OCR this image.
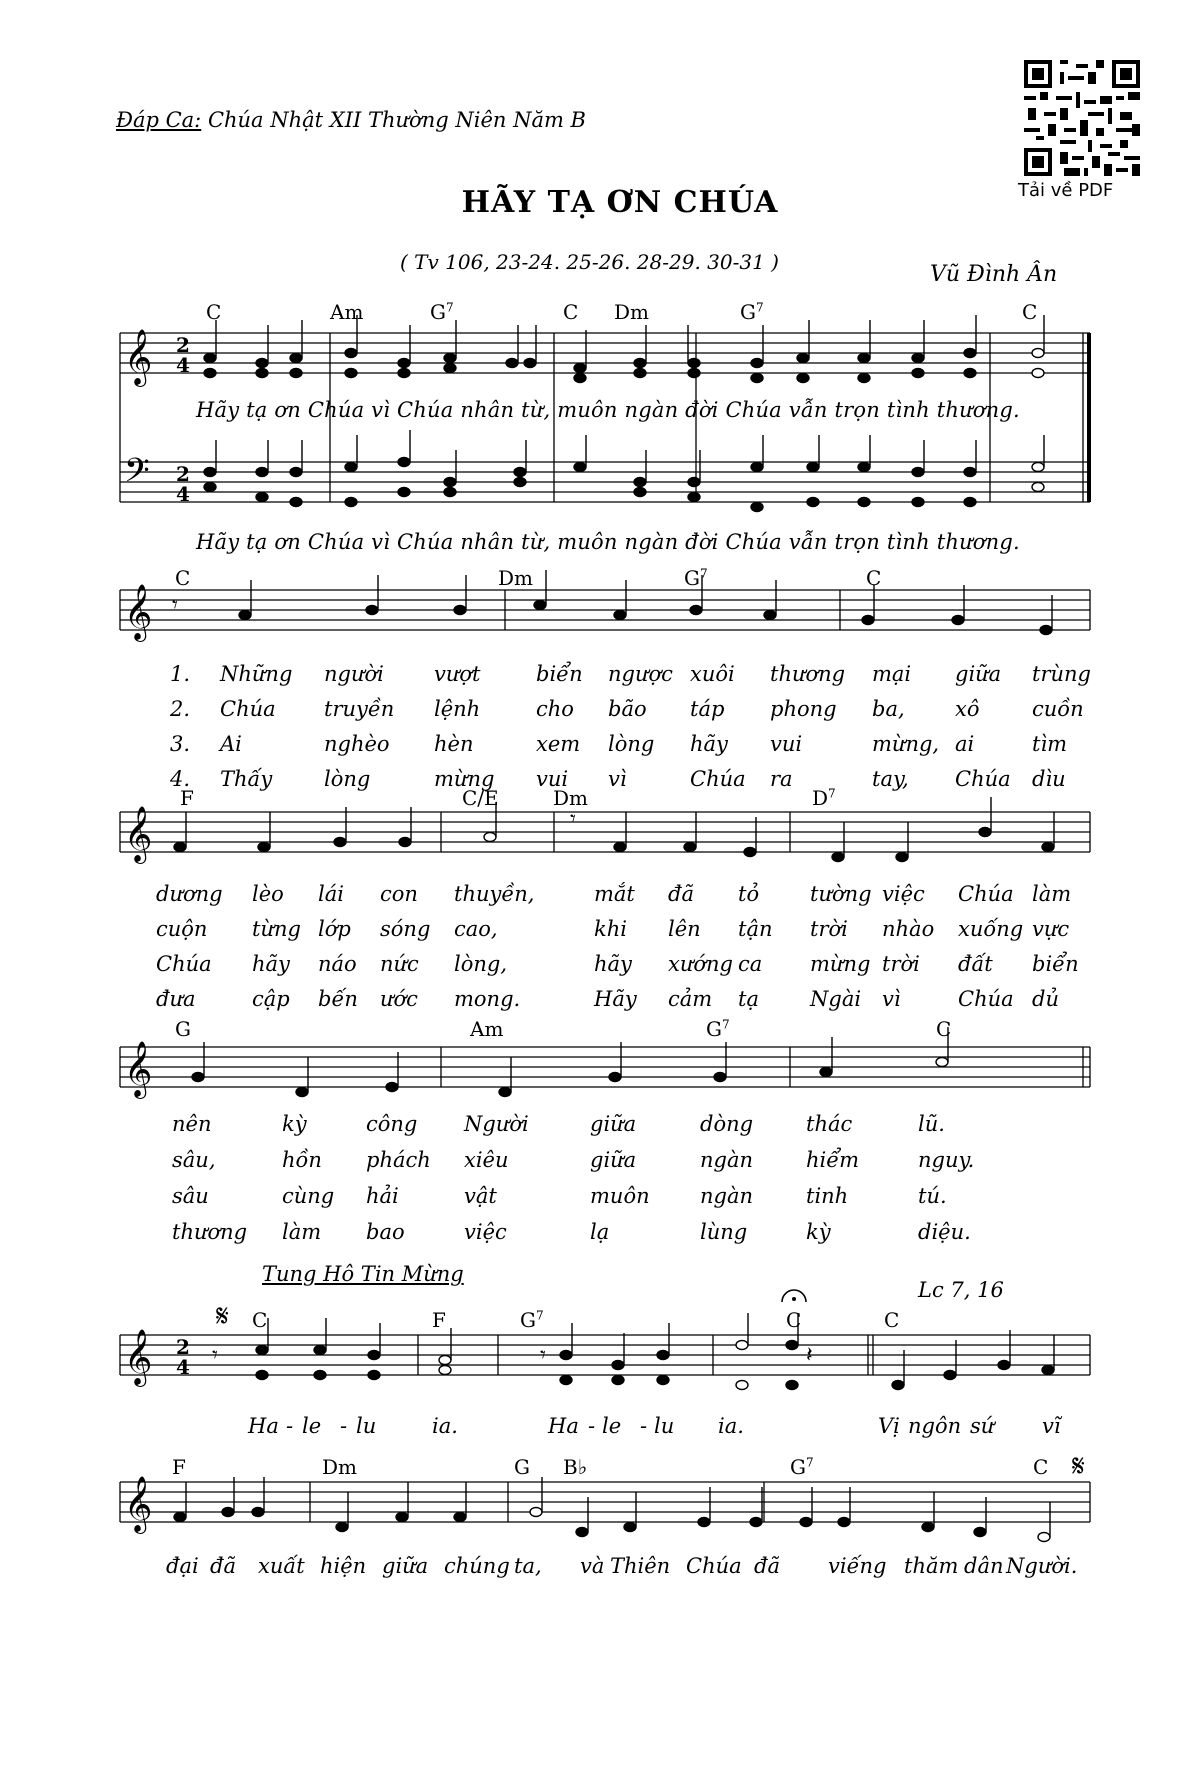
Đáp Ca: Chúa Nhật XII Thường Niên Năm B
HÃY TẠ ƠN CHÚA
( Tv 106, 23-24. 25-26. 28-29. 30-31 )	Vũ Đình Ân
Tải về PDF
𝄞
𝄢
𝄞
𝄞
𝄞
𝄞
𝄞
2
4
2
4
2
4
𝄋
𝄋
𝄾
𝄾
𝄾	𝄾	𝄽
C	Am	$G^7$	C Dm	$G^7$	C
Hãy tạ ơn Chúa vì Chúa nhân từ, muôn ngàn đời Chúa vẫn trọn tình thương.
Hãy tạ ơn Chúa vì Chúa nhân từ, muôn ngàn đời Chúa vẫn trọn tình thương.
C	Dm	$G^7$	C
1. Những người vượt	biển ngược xuôi thương mại giữa trùng
2. Chúa truyền lệnh	cho bão táp phong ba, xô	cuồn
3. Ai	nghèo hèn	xem lòng hãy vui	mừng, ai	tìm
4. Thấy lòng	mừng vui vì	Chúa ra	tay, Chúa dìu
F	C/E	Dm	$D^7$
dương lèo lái con thuyền,	mắt đã tỏ tường việc Chúa làm
cuộn từng lớp sóng cao,	khi lên tận trời nhào xuống vực
Chúa hãy náo nức lòng,	hãy xướng ca mừng trời đất biển
đưa	cập bến ước mong.	Hãy cảm tạ Ngài vì	Chúa dủ
G	Am	$G^7$	C
nên	kỳ	công Người	giữa	dòng	thác	lũ.
sâu,	hồn phách xiêu	giữa	ngàn	hiểm	nguy.
sâu	cùng hải	vật	muôn ngàn	tinh	tú.
thương làm bao	việc	lạ	lùng	kỳ	diệu.
Tung Hô Tin Mừng
Lc 7, 16
C	F	$G^7$	C	C
Ha - le - lu	ia.	Ha - le - lu ia.	Vị ngôn sứ vĩ
F	Dm	G B♭	$G^7$	C
đại đã xuất hiện giữa chúng ta, và Thiên Chúa đã viếng thăm dân Người.
